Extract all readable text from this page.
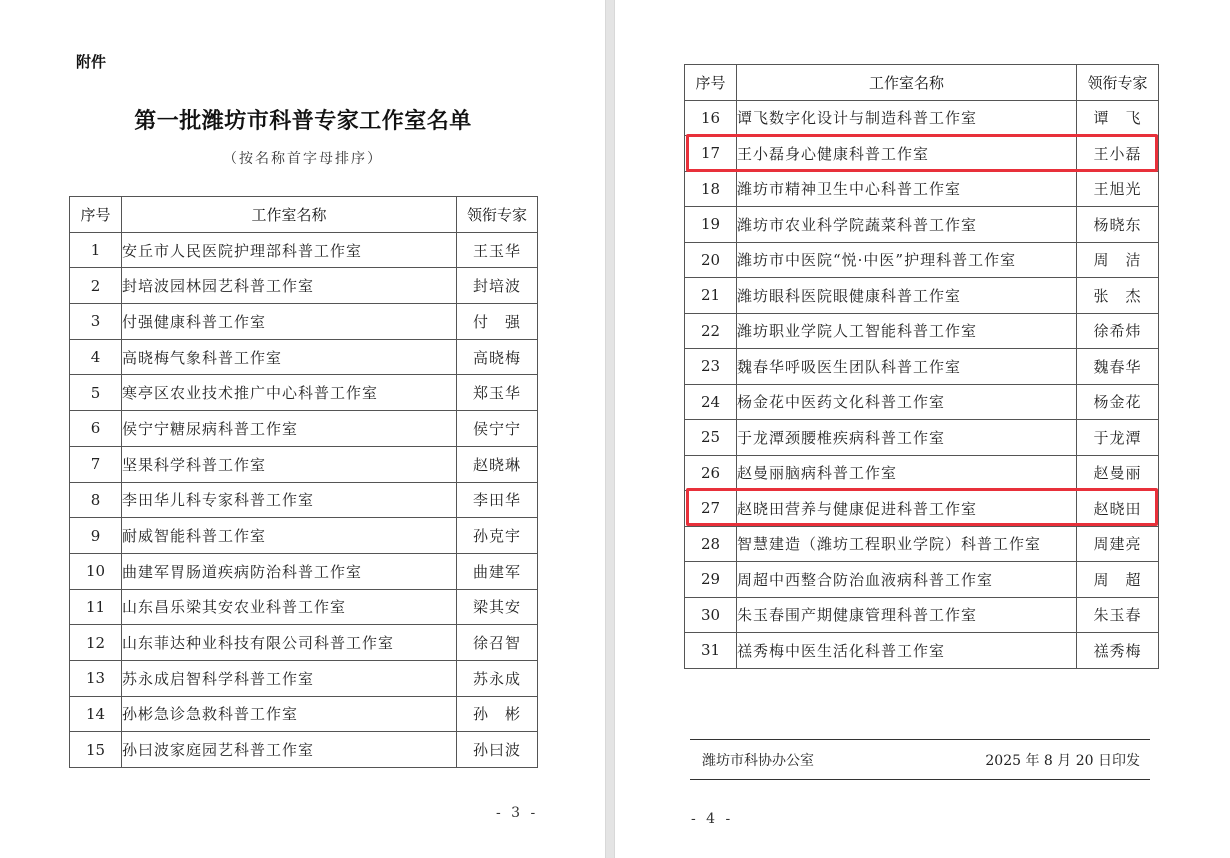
附件
第一批潍坊市科普专家工作室名单
（按名称首字母排序）
- 3 -	- 4 -
序号	工作室名称	领衔专家
1	安丘市人民医院护理部科普工作室	王玉华
2	封培波园林园艺科普工作室	封培波
3	付强健康科普工作室	付　强
4	高晓梅气象科普工作室	高晓梅
5	寒亭区农业技术推广中心科普工作室	郑玉华
6	侯宁宁糖尿病科普工作室	侯宁宁
7	坚果科学科普工作室	赵晓琳
8	李田华儿科专家科普工作室	李田华
9	耐威智能科普工作室	孙克宇
10	曲建军胃肠道疾病防治科普工作室	曲建军
11	山东昌乐梁其安农业科普工作室	梁其安
12	山东菲达种业科技有限公司科普工作室	徐召智
13	苏永成启智科学科普工作室	苏永成
14	孙彬急诊急救科普工作室	孙　彬
15	孙曰波家庭园艺科普工作室	孙曰波
序号	工作室名称	领衔专家
16	谭飞数字化设计与制造科普工作室	谭　飞
17	王小磊身心健康科普工作室	王小磊
18	潍坊市精神卫生中心科普工作室	王旭光
19	潍坊市农业科学院蔬菜科普工作室	杨晓东
20	潍坊市中医院“悦·中医”护理科普工作室	周　洁
21	潍坊眼科医院眼健康科普工作室	张　杰
22	潍坊职业学院人工智能科普工作室	徐希炜
23	魏春华呼吸医生团队科普工作室	魏春华
24	杨金花中医药文化科普工作室	杨金花
25	于龙潭颈腰椎疾病科普工作室	于龙潭
26	赵曼丽脑病科普工作室	赵曼丽
27	赵晓田营养与健康促进科普工作室	赵晓田
28	智慧建造（潍坊工程职业学院）科普工作室	周建亮
29	周超中西整合防治血液病科普工作室	周　超
30	朱玉春围产期健康管理科普工作室	朱玉春
31	禚秀梅中医生活化科普工作室	禚秀梅
潍坊市科协办公室	2025 年 8 月 20 日印发
